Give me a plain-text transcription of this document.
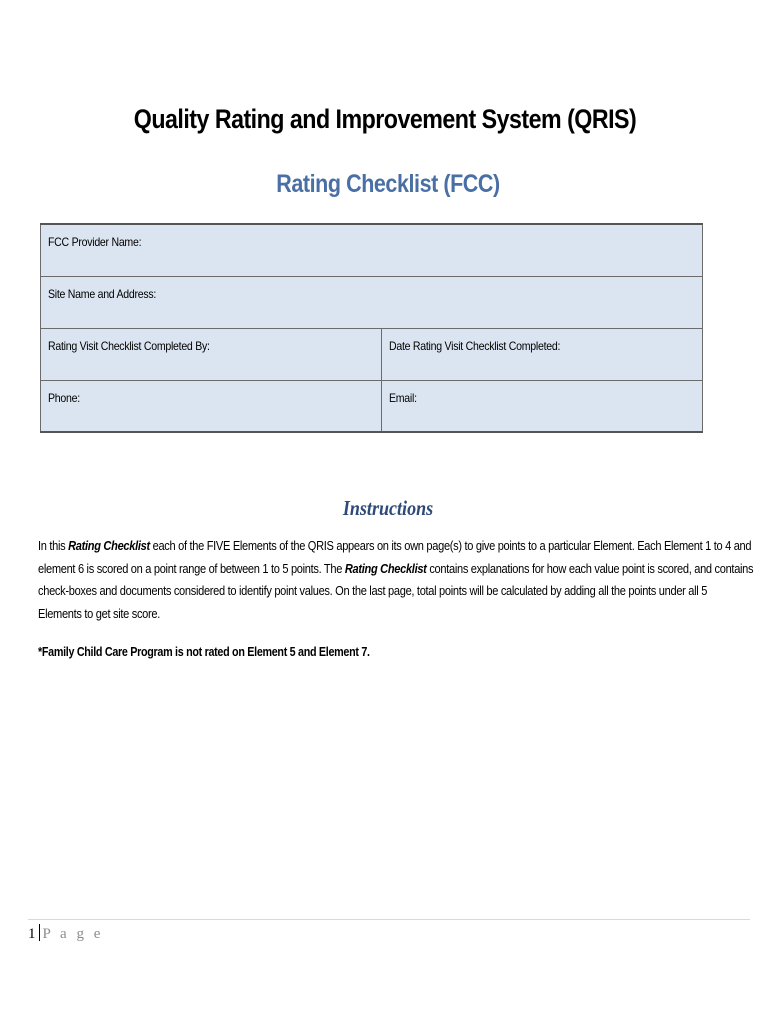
Quality Rating and Improvement System (QRIS)
Rating Checklist (FCC)
FCC Provider Name:	
Site Name and Address:	
Rating Visit Checklist Completed By:	Date Rating Visit Checklist Completed:
Phone:	Email:
Instructions
In this Rating Checklist each of the FIVE Elements of the QRIS appears on its own page(s) to give points to a particular Element. Each Element 1 to 4 and
element 6 is scored on a point range of between 1 to 5 points. The Rating Checklist contains explanations for how each value point is scored, and contains
check-boxes and documents considered to identify point values. On the last page, total points will be calculated by adding all the points under all 5
Elements to get site score.
*Family Child Care Program is not rated on Element 5 and Element 7.
1 P a g e
